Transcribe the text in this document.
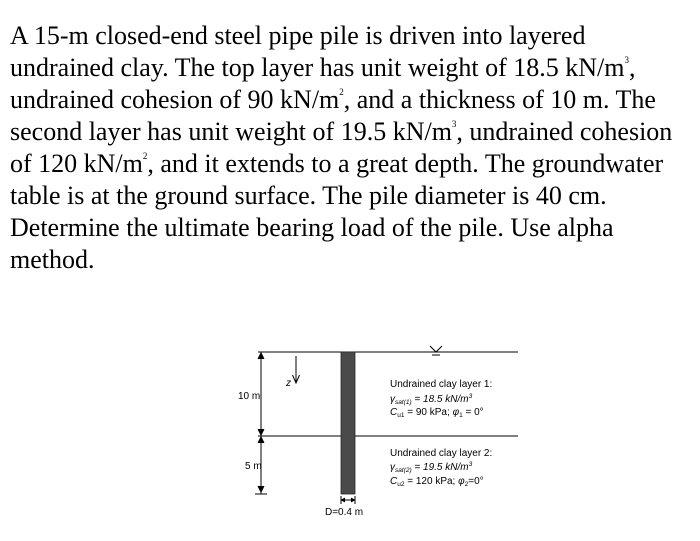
A 15-m closed-end steel pipe pile is driven into layered undrained clay. The top layer has unit weight of 18.5 $kN/m^3$, undrained cohesion of 90 $kN/m^2$, and a thickness of 10 m. The second layer has unit weight of 19.5 $kN/m^3$, undrained cohesion of 120 $kN/m^2$, and it extends to a great depth. The groundwater table is at the ground surface. The pile diameter is 40 cm. Determine the ultimate bearing load of the pile. Use alpha method.

z
10 m
5 m
D=0.4 m
Undrained clay layer 1:
$\gamma_{sat(1)} = 18.5$ $kN/m^3$
$C_{u1} = 90$ kPa; $\varphi_1 = 0^\circ$
Undrained clay layer 2:
$\gamma_{sat(2)} = 19.5$ $kN/m^3$
$C_{u2} = 120$ kPa; $\varphi_2=0^\circ$
